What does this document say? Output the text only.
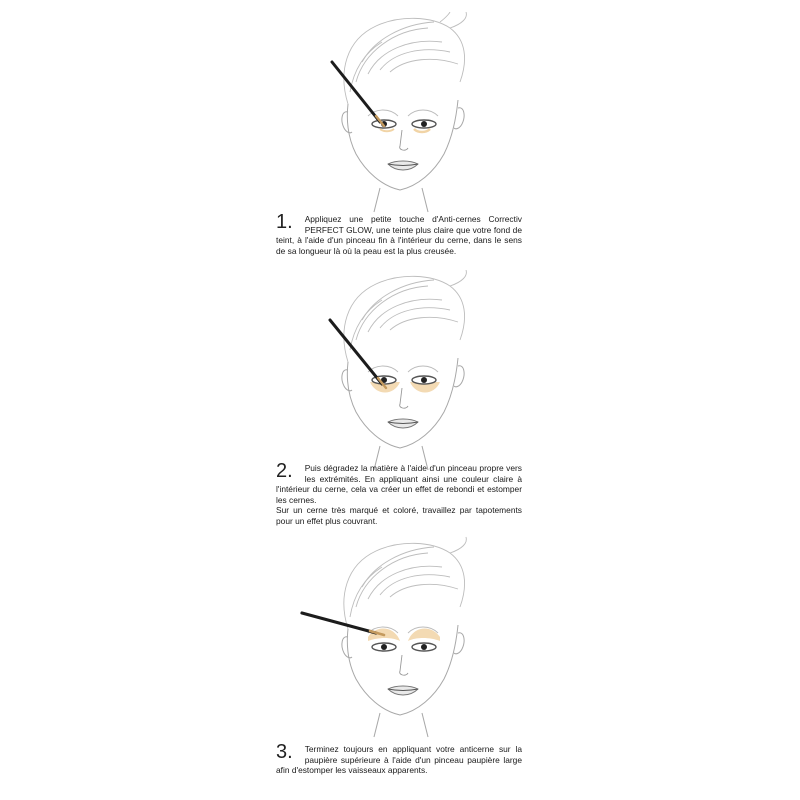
1. Appliquez une petite touche d'Anti-cernes Correctiv PERFECT GLOW, une teinte plus claire que votre fond de teint, à l'aide d'un pinceau fin à l'intérieur du cerne, dans le sens de sa longueur là où la peau est la plus creusée.
2. Puis dégradez la matière à l'aide d'un pinceau propre vers les extrémités. En appliquant ainsi une couleur claire à l'intérieur du cerne, cela va créer un effet de rebondi et estomper les cernes.
Sur un cerne très marqué et coloré, travaillez par tapotements pour un effet plus couvrant.
3. Terminez toujours en appliquant votre anticerne sur la paupière supérieure à l'aide d'un pinceau paupière large afin d'estomper les vaisseaux apparents.
